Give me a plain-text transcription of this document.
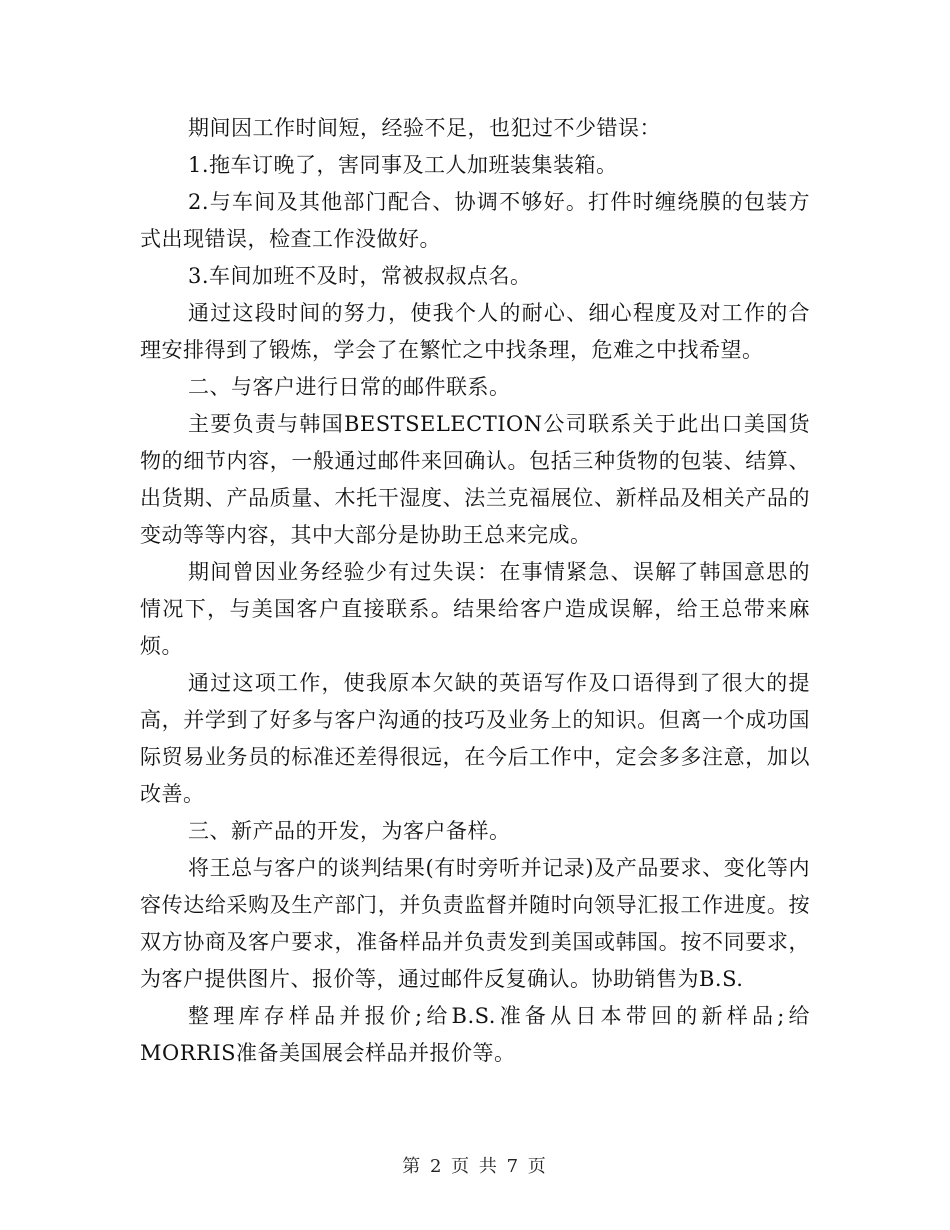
期间因工作时间短，经验不足，也犯过不少错误：

1.拖车订晚了，害同事及工人加班装集装箱。

2.与车间及其他部门配合、协调不够好。打件时缠绕膜的包装方式出现错误，检查工作没做好。

3.车间加班不及时，常被叔叔点名。

通过这段时间的努力，使我个人的耐心、细心程度及对工作的合理安排得到了锻炼，学会了在繁忙之中找条理，危难之中找希望。

二、与客户进行日常的邮件联系。

主要负责与韩国BESTSELECTION公司联系关于此出口美国货物的细节内容，一般通过邮件来回确认。包括三种货物的包装、结算、出货期、产品质量、木托干湿度、法兰克福展位、新样品及相关产品的变动等等内容，其中大部分是协助王总来完成。

期间曾因业务经验少有过失误：在事情紧急、误解了韩国意思的情况下，与美国客户直接联系。结果给客户造成误解，给王总带来麻烦。

通过这项工作，使我原本欠缺的英语写作及口语得到了很大的提高，并学到了好多与客户沟通的技巧及业务上的知识。但离一个成功国际贸易业务员的标准还差得很远，在今后工作中，定会多多注意，加以改善。

三、新产品的开发，为客户备样。

将王总与客户的谈判结果(有时旁听并记录)及产品要求、变化等内容传达给采购及生产部门，并负责监督并随时向领导汇报工作进度。按双方协商及客户要求，准备样品并负责发到美国或韩国。按不同要求，为客户提供图片、报价等，通过邮件反复确认。协助销售为B.S.

整理库存样品并报价;给B.S.准备从日本带回的新样品;给MORRIS准备美国展会样品并报价等。

第 2 页 共 7 页
